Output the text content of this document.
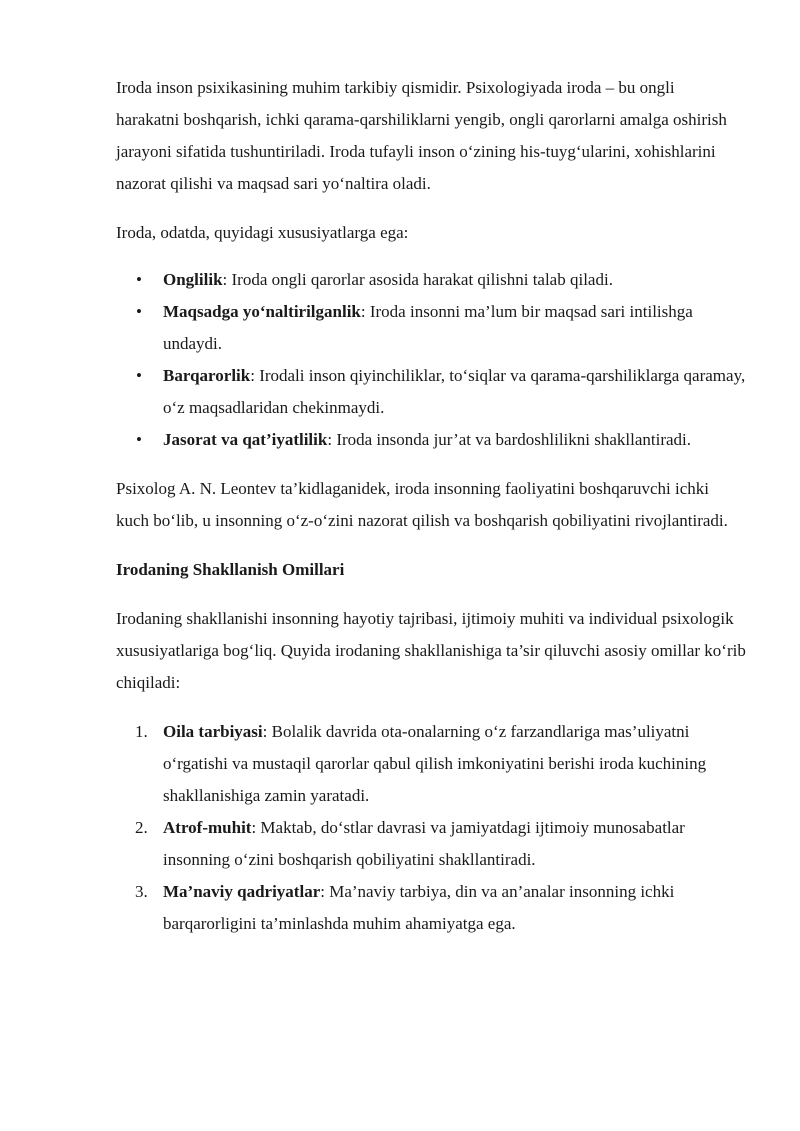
Iroda inson psixikasining muhim tarkibiy qismidir. Psixologiyada iroda – bu ongli harakatni boshqarish, ichki qarama-qarshiliklarni yengib, ongli qarorlarni amalga oshirish jarayoni sifatida tushuntiriladi. Iroda tufayli inson o‘zining his-tuyg‘ularini, xohishlarini nazorat qilishi va maqsad sari yo‘naltira oladi.

Iroda, odatda, quyidagi xususiyatlarga ega:

• Onglilik: Iroda ongli qarorlar asosida harakat qilishni talab qiladi.
• Maqsadga yo‘naltirilganlik: Iroda insonni ma’lum bir maqsad sari intilishga undaydi.
• Barqarorlik: Irodali inson qiyinchiliklar, to‘siqlar va qarama-qarshiliklarga qaramay, o‘z maqsadlaridan chekinmaydi.
• Jasorat va qat’iyatlilik: Iroda insonda jur’at va bardoshlilikni shakllantiradi.

Psixolog A. N. Leontev ta’kidlaganidek, iroda insonning faoliyatini boshqaruvchi ichki kuch bo‘lib, u insonning o‘z-o‘zini nazorat qilish va boshqarish qobiliyatini rivojlantiradi.

Irodaning Shakllanish Omillari

Irodaning shakllanishi insonning hayotiy tajribasi, ijtimoiy muhiti va individual psixologik xususiyatlariga bog‘liq. Quyida irodaning shakllanishiga ta’sir qiluvchi asosiy omillar ko‘rib chiqiladi:

1. Oila tarbiyasi: Bolalik davrida ota-onalarning o‘z farzandlariga mas’uliyatni o‘rgatishi va mustaqil qarorlar qabul qilish imkoniyatini berishi iroda kuchining shakllanishiga zamin yaratadi.
2. Atrof-muhit: Maktab, do‘stlar davrasi va jamiyatdagi ijtimoiy munosabatlar insonning o‘zini boshqarish qobiliyatini shakllantiradi.
3. Ma’naviy qadriyatlar: Ma’naviy tarbiya, din va an’analar insonning ichki barqarorligini ta’minlashda muhim ahamiyatga ega.
